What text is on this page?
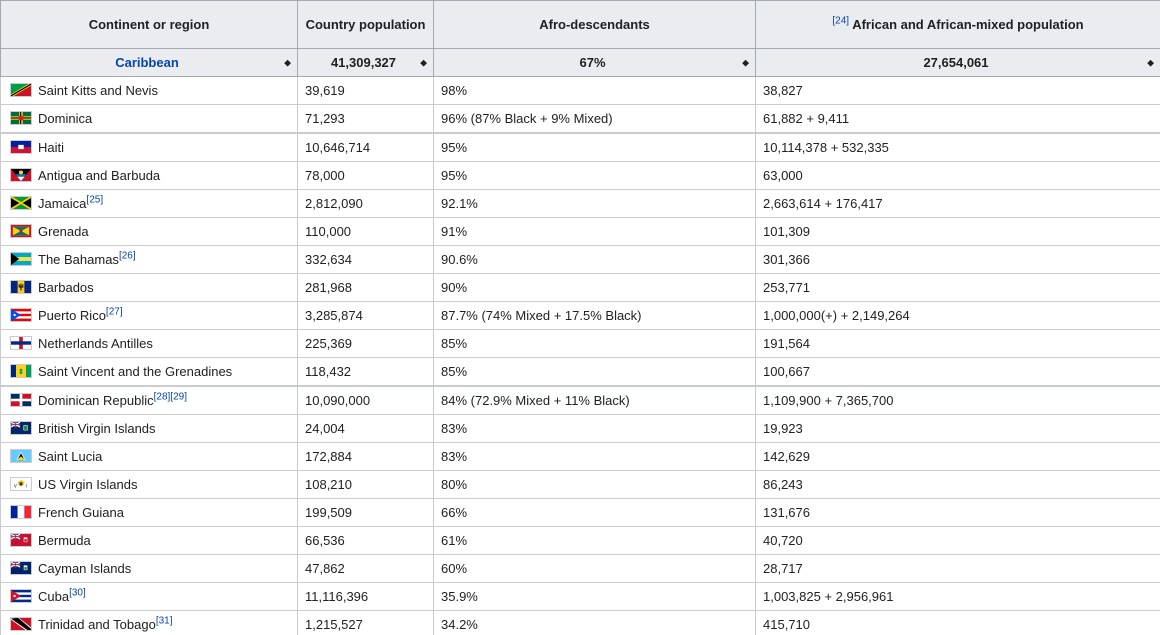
Continent or region	Country population	Afro-descendants	[24] African and African-mixed population
Caribbean ◆	41,309,327 ◆	67% ◆	27,654,061 ◆

Saint Kitts and Nevis	39,619	98%	38,827

Dominica	71,293	96% (87% Black + 9% Mixed)	61,882 + 9,411

Haiti	10,646,714	95%	10,114,378 + 532,335

Antigua and Barbuda	78,000	95%	63,000

Jamaica[25]	2,812,090	92.1%	2,663,614 + 176,417

Grenada	110,000	91%	101,309

The Bahamas[26]	332,634	90.6%	301,366

Barbados	281,968	90%	253,771

Puerto Rico[27]	3,285,874	87.7% (74% Mixed + 17.5% Black)	1,000,000(+) + 2,149,264

Netherlands Antilles	225,369	85%	191,564

Saint Vincent and the Grenadines	118,432	85%	100,667

Dominican Republic[28][29]	10,090,000	84% (72.9% Mixed + 11% Black)	1,109,900 + 7,365,700

British Virgin Islands	24,004	83%	19,923

Saint Lucia	172,884	83%	142,629

V I US Virgin Islands	108,210	80%	86,243

French Guiana	199,509	66%	131,676

Bermuda	66,536	61%	40,720

Cayman Islands	47,862	60%	28,717

Cuba[30]	11,116,396	35.9%	1,003,825 + 2,956,961

Trinidad and Tobago[31]	1,215,527	34.2%	415,710
